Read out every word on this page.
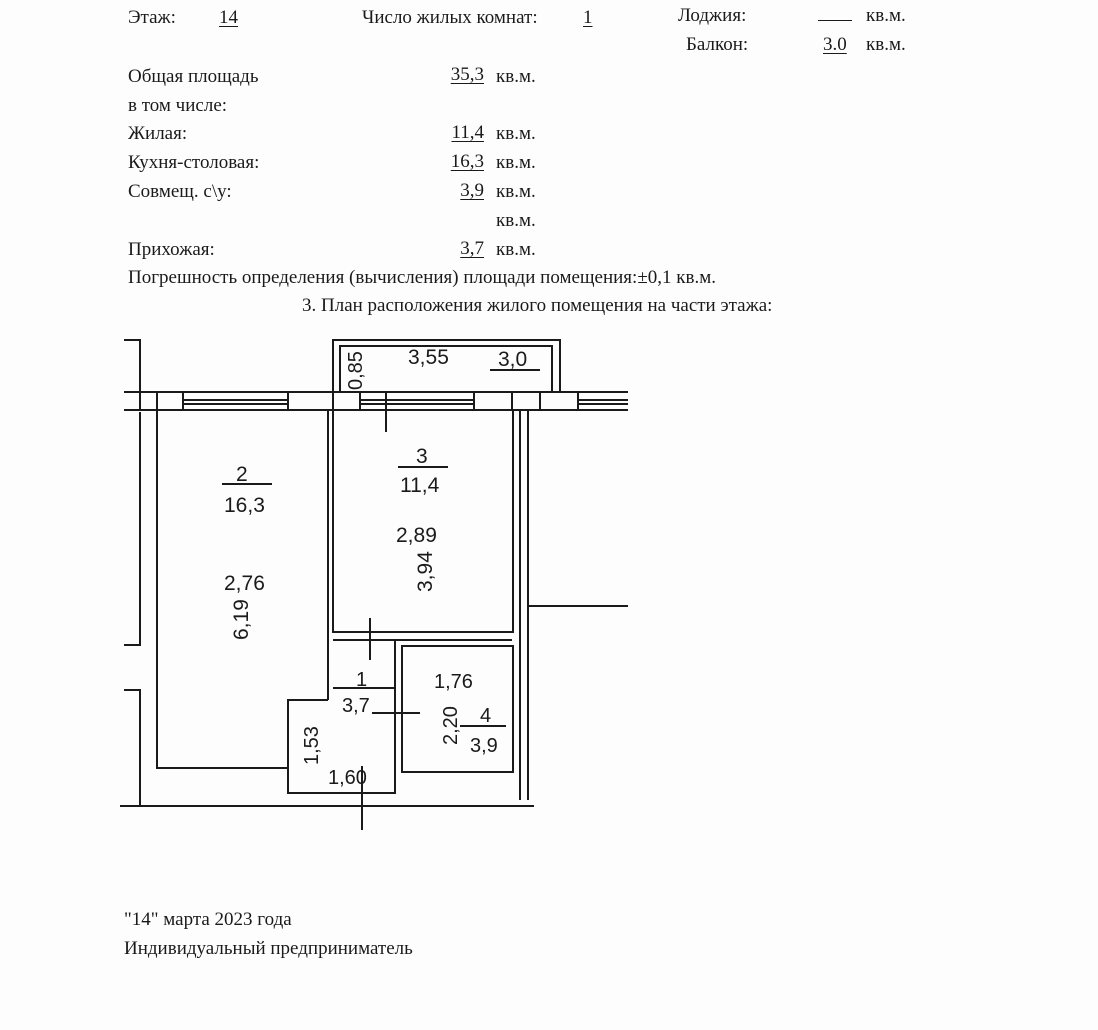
Этаж: 14	Число жилых комнат: 1	Лоджия:	кв.м.
Балкон:	3.0 кв.м.
Общая площадь	35,3 кв.м.
в том числе:
Жилая:	11,4 кв.м.
Кухня-столовая:	16,3 кв.м.
Совмещ. с\у:	3,9 кв.м.
кв.м.
Прихожая:	3,7 кв.м.
Погрешность определения (вычисления) площади помещения:±0,1 кв.м.
3. План расположения жилого помещения на части этажа:
0,85 3,55 3,0
2
16,3
2,76
6,19
3
11,4
2,89
3,94
1
3,7
1,53
1,60
1,76
2,20 4
3,9
"14" марта 2023 года
Индивидуальный предприниматель
